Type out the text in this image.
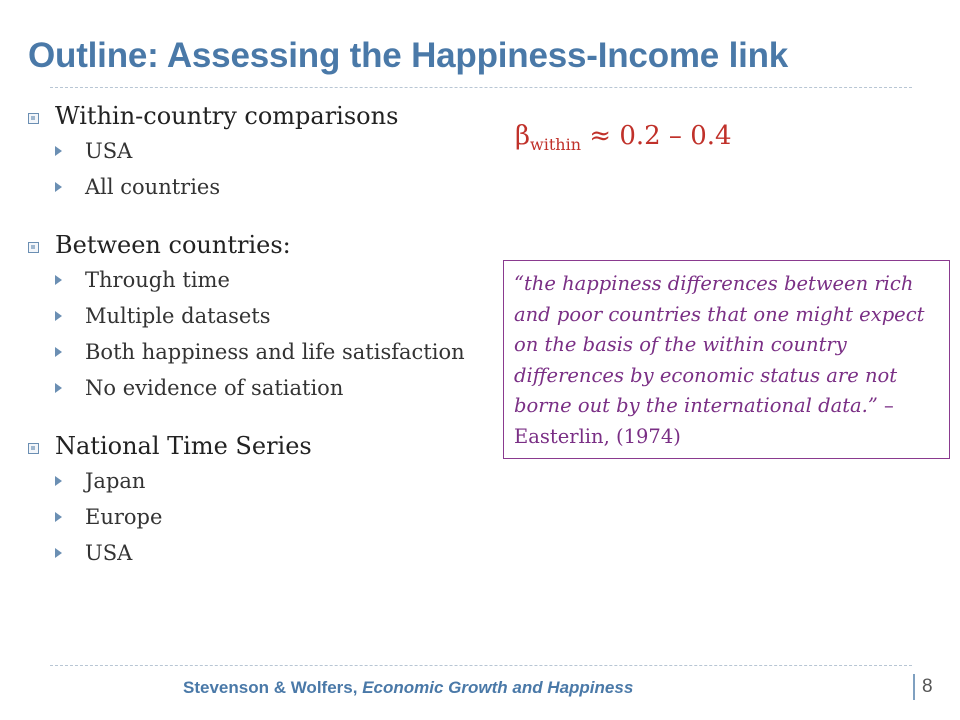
Outline: Assessing the Happiness-Income link
Within-country comparisons
USA
All countries
Between countries:
Through time
Multiple datasets
Both happiness and life satisfaction
No evidence of satiation
National Time Series
Japan
Europe
USA
$\beta_{within} \approx 0.2 - 0.4$
“the happiness differences between rich and poor countries that one might expect on the basis of the within country differences by economic status are not borne out by the international data.” – Easterlin, (1974)
Stevenson & Wolfers, Economic Growth and Happiness	8
